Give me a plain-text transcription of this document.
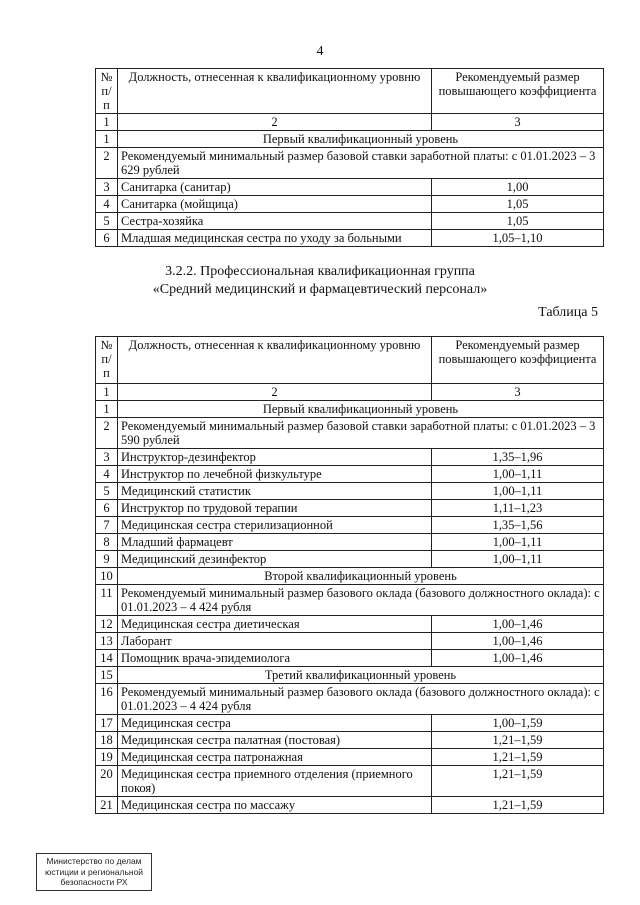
4
№ п/п	Должность, отнесенная к квалификационному уровню	Рекомендуемый размер повышающего коэффициента
1	2	3
1	Первый квалификационный уровень	
2	Рекомендуемый минимальный размер базовой ставки заработной платы: с 01.01.2023 – 3 629 рублей	
3	Санитарка (санитар)	1,00
4	Санитарка (мойщица)	1,05
5	Сестра-хозяйка	1,05
6	Младшая медицинская сестра по уходу за больными	1,05–1,10
3.2.2. Профессиональная квалификационная группа
«Средний медицинский и фармацевтический персонал»
Таблица 5
№ п/п	Должность, отнесенная к квалификационному уровню	Рекомендуемый размер повышающего коэффициента
1	2	3
1	Первый квалификационный уровень	
2	Рекомендуемый минимальный размер базовой ставки заработной платы: с 01.01.2023 – 3 590 рублей	
3	Инструктор-дезинфектор	1,35–1,96
4	Инструктор по лечебной физкультуре	1,00–1,11
5	Медицинский статистик	1,00–1,11
6	Инструктор по трудовой терапии	1,11–1,23
7	Медицинская сестра стерилизационной	1,35–1,56
8	Младший фармацевт	1,00–1,11
9	Медицинский дезинфектор	1,00–1,11
10	Второй квалификационный уровень	
11	Рекомендуемый минимальный размер базового оклада (базового должностного оклада): с 01.01.2023 – 4 424 рубля	
12	Медицинская сестра диетическая	1,00–1,46
13	Лаборант	1,00–1,46
14	Помощник врача-эпидемиолога	1,00–1,46
15	Третий квалификационный уровень	
16	Рекомендуемый минимальный размер базового оклада (базового должностного оклада): с 01.01.2023 – 4 424 рубля	
17	Медицинская сестра	1,00–1,59
18	Медицинская сестра палатная (постовая)	1,21–1,59
19	Медицинская сестра патронажная	1,21–1,59
20	Медицинская сестра приемного отделения (приемного покоя)	1,21–1,59
21	Медицинская сестра по массажу	1,21–1,59
Министерство по делам
юстиции и региональной
безопасности РХ
